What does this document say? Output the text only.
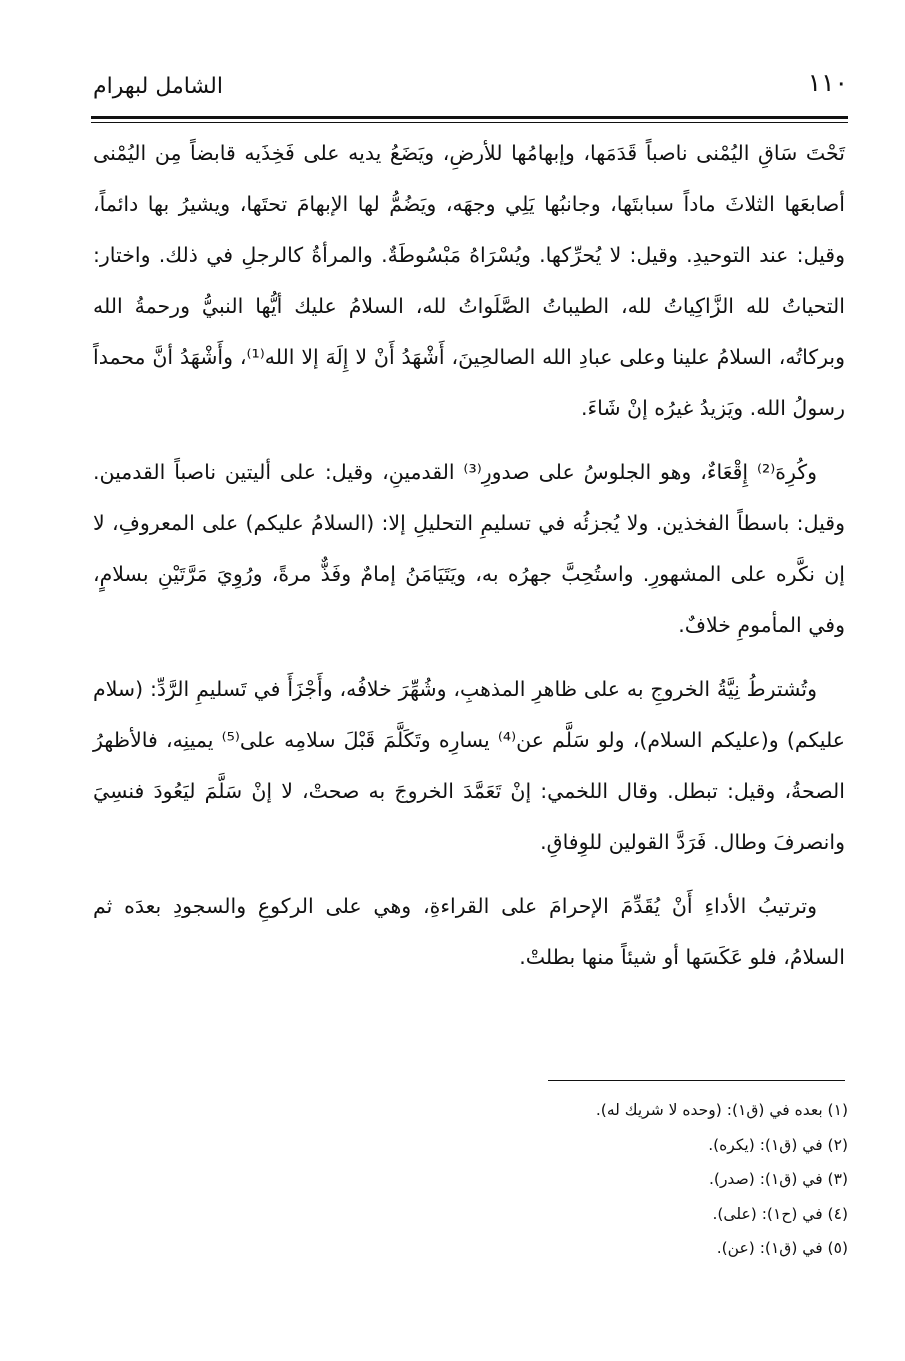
١١٠
الشامل لبهرام

تَحْتَ سَاقِ اليُمْنى ناصباً قَدَمَها، وإبهامُها للأرضِ، ويَضَعُ يديه على فَخِذَيه قابضاً مِن اليُمْنى أصابعَها الثلاثَ ماداً سبابتَها، وجانبُها يَلِي وجهَه، ويَضُمُّ لها الإبهامَ تحتَها، ويشيرُ بها دائماً، وقيل: عند التوحيدِ. وقيل: لا يُحرِّكها. ويُسْرَاهُ مَبْسُوطَةٌ. والمرأةُ كالرجلِ في ذلك. واختار: التحياتُ لله الزَّاكِياتُ لله، الطيباتُ الصَّلَواتُ لله، السلامُ عليك أيُّها النبيُّ ورحمةُ الله وبركاتُه، السلامُ علينا وعلى عبادِ الله الصالحِينَ، أَشْهَدُ أَنْ لا إِلَهَ إلا الله⁽¹⁾، وأَشْهَدُ أنَّ محمداً رسولُ الله. ويَزيدُ غيرُه إنْ شَاءَ.

وكُرِهَ⁽²⁾ إِقْعَاءٌ، وهو الجلوسُ على صدورِ⁽³⁾ القدمينِ، وقيل: على أليتين ناصباً القدمين. وقيل: باسطاً الفخذين. ولا يُجزئُه في تسليمِ التحليلِ إلا: (السلامُ عليكم) على المعروفِ، لا إن نكَّره على المشهورِ. واستُحِبَّ جهرُه به، ويَتَيَامَنُ إمامٌ وفَذٌّ مرةً، ورُوِيَ مَرَّتَيْنِ بسلامٍ، وفي المأمومِ خلافٌ.

وتُشترطُ نِيَّةُ الخروجِ به على ظاهرِ المذهبِ، وشُهِّرَ خلافُه، وأَجْزَأَ في تَسليمِ الرَّدِّ: (سلام عليكم) و(عليكم السلام)، ولو سَلَّم عن⁽⁴⁾ يسارِه وتَكَلَّمَ قَبْلَ سلامِه على⁽⁵⁾ يمينِه، فالأظهرُ الصحةُ، وقيل: تبطل. وقال اللخمي: إنْ تَعَمَّدَ الخروجَ به صحتْ، لا إنْ سَلَّمَ ليَعُودَ فنسِيَ وانصرفَ وطال. فَرَدَّ القولين للوِفاقِ.

وترتيبُ الأداءِ أَنْ يُقَدِّمَ الإحرامَ على القراءةِ، وهي على الركوعِ والسجودِ بعدَه ثم السلامُ، فلو عَكَسَها أو شيئاً منها بطلتْ.

(١) بعده في (ق١): (وحده لا شريك له).
(٢) في (ق١): (يكره).
(٣) في (ق١): (صدر).
(٤) في (ح١): (على).
(٥) في (ق١): (عن).
